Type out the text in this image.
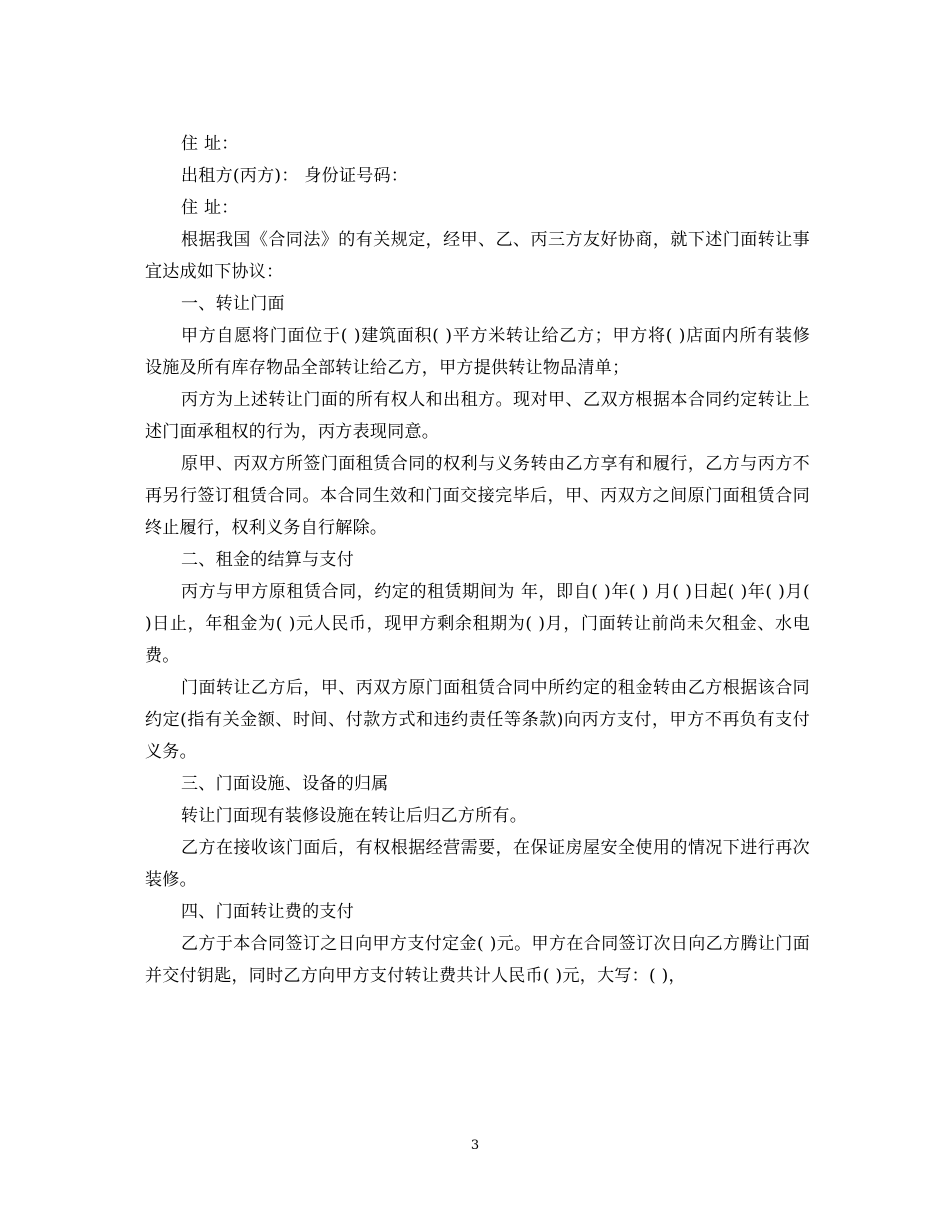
住 址：

出租方(丙方)： 身份证号码：

住 址：

根据我国《合同法》的有关规定，经甲、乙、丙三方友好协商，就下述门面转让事宜达成如下协议：

一、转让门面

甲方自愿将门面位于( )建筑面积( )平方米转让给乙方；甲方将( )店面内所有装修设施及所有库存物品全部转让给乙方，甲方提供转让物品清单；

丙方为上述转让门面的所有权人和出租方。现对甲、乙双方根据本合同约定转让上述门面承租权的行为，丙方表现同意。

原甲、丙双方所签门面租赁合同的权利与义务转由乙方享有和履行，乙方与丙方不再另行签订租赁合同。本合同生效和门面交接完毕后，甲、丙双方之间原门面租赁合同终止履行，权利义务自行解除。

二、租金的结算与支付

丙方与甲方原租赁合同，约定的租赁期间为 年，即自( )年( ) 月( )日起( )年( )月( )日止，年租金为( )元人民币，现甲方剩余租期为( )月，门面转让前尚未欠租金、水电费。

门面转让乙方后，甲、丙双方原门面租赁合同中所约定的租金转由乙方根据该合同约定(指有关金额、时间、付款方式和违约责任等条款)向丙方支付，甲方不再负有支付义务。

三、门面设施、设备的归属

转让门面现有装修设施在转让后归乙方所有。

乙方在接收该门面后，有权根据经营需要，在保证房屋安全使用的情况下进行再次装修。

四、门面转让费的支付

乙方于本合同签订之日向甲方支付定金( )元。甲方在合同签订次日向乙方腾让门面并交付钥匙，同时乙方向甲方支付转让费共计人民币( )元，大写：( )，

3
